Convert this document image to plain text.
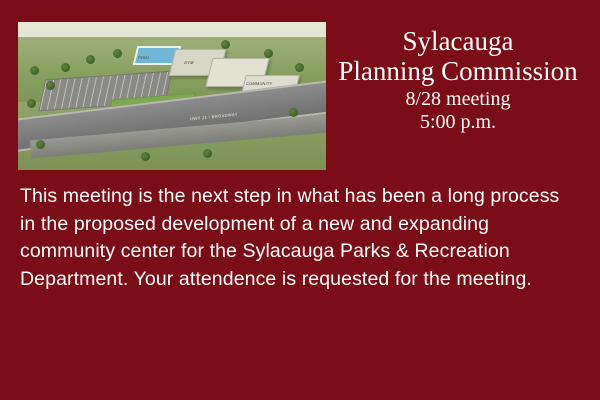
POOL
GYM
COMMUNITY
HWY 21 / BROADWAY
Sylacauga
Planning Commission
8/28 meeting
5:00 p.m.
This meeting is the next step in what has been a long process in the proposed development of a new and expanding community center for the Sylacauga Parks & Recreation Department. Your attendence is requested for the meeting.
